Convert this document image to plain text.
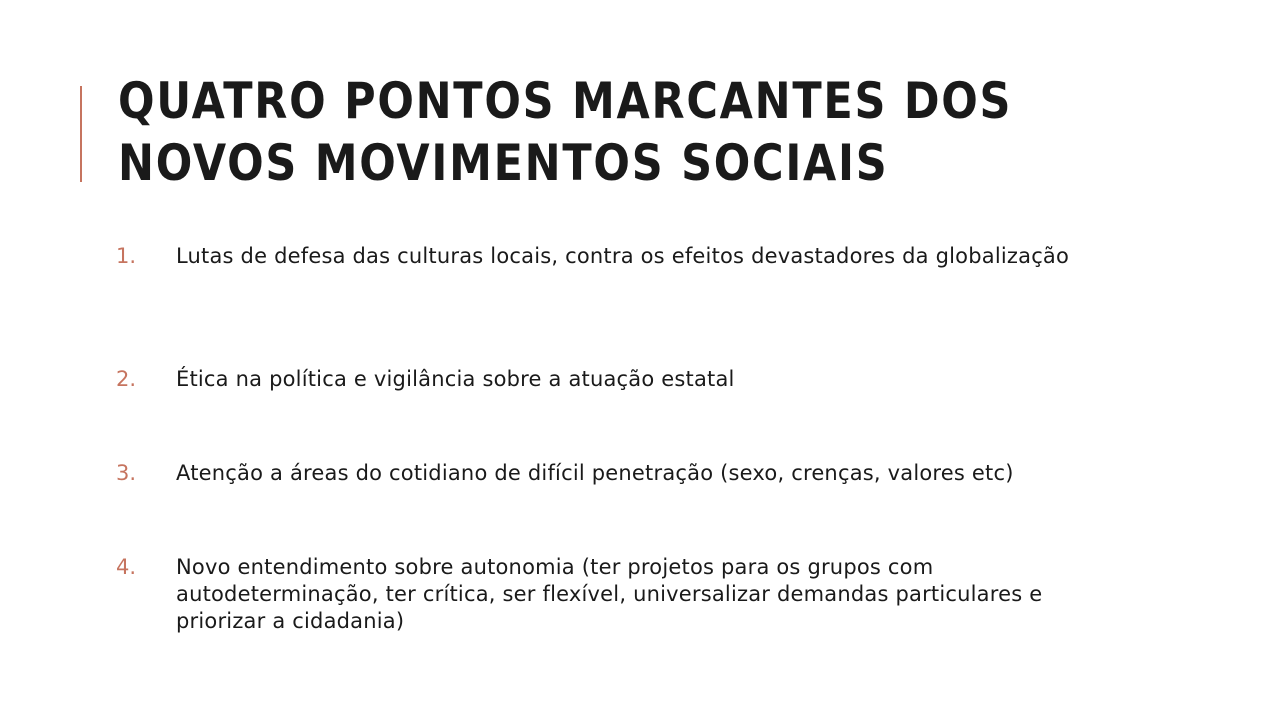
QUATRO PONTOS MARCANTES DOS
NOVOS MOVIMENTOS SOCIAIS
1.	Lutas de defesa das culturas locais, contra os efeitos devastadores da globalização
2.	Ética na política e vigilância sobre a atuação estatal
3.	Atenção a áreas do cotidiano de difícil penetração (sexo, crenças, valores etc)
4.	Novo entendimento sobre autonomia (ter projetos para os grupos com autodeterminação, ter crítica, ser flexível, universalizar demandas particulares e priorizar a cidadania)
